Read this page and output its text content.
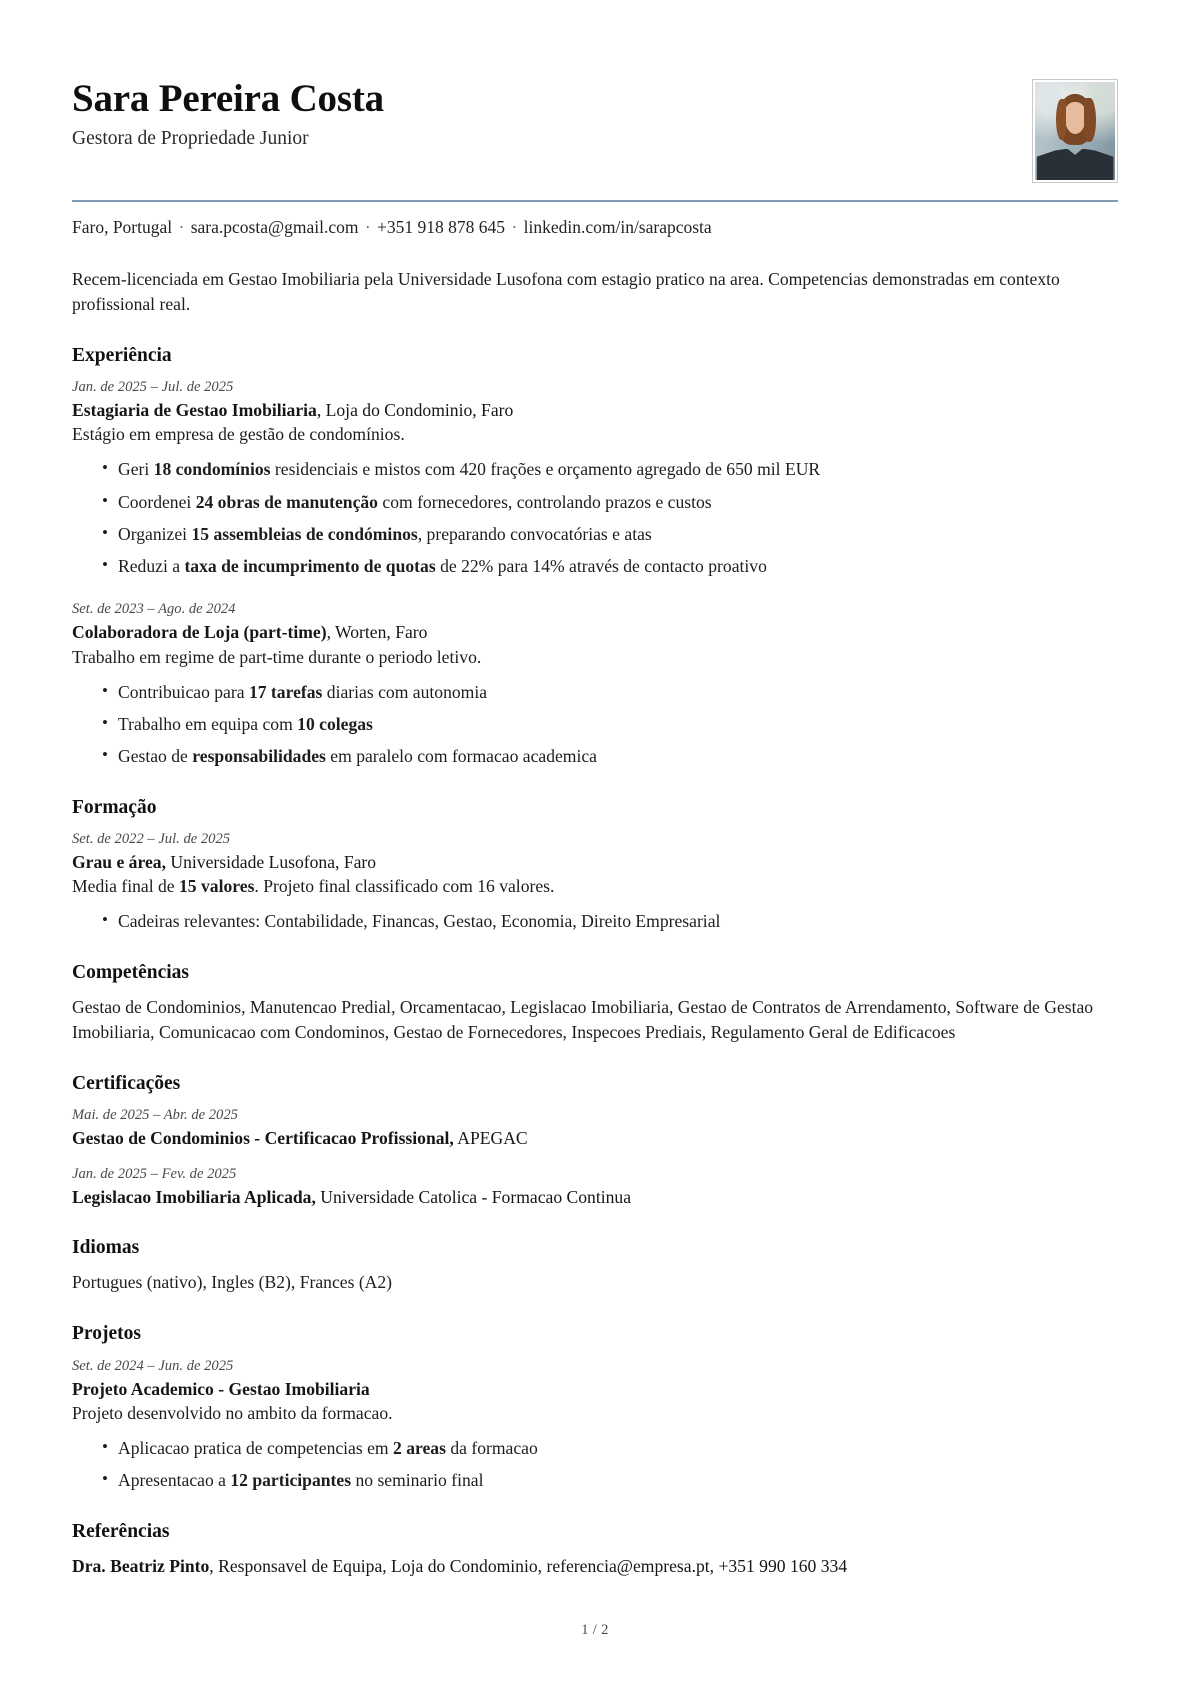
Sara Pereira Costa
Gestora de Propriedade Junior
Faro, Portugal · sara.pcosta@gmail.com · +351 918 878 645 · linkedin.com/in/sarapcosta

Recem-licenciada em Gestao Imobiliaria pela Universidade Lusofona com estagio pratico na area. Competencias demonstradas em contexto profissional real.

Experiência
Jan. de 2025 – Jul. de 2025
Estagiaria de Gestao Imobiliaria, Loja do Condominio, Faro
Estágio em empresa de gestão de condomínios.
• Geri 18 condomínios residenciais e mistos com 420 frações e orçamento agregado de 650 mil EUR
• Coordenei 24 obras de manutenção com fornecedores, controlando prazos e custos
• Organizei 15 assembleias de condóminos, preparando convocatórias e atas
• Reduzi a taxa de incumprimento de quotas de 22% para 14% através de contacto proativo
Set. de 2023 – Ago. de 2024
Colaboradora de Loja (part-time), Worten, Faro
Trabalho em regime de part-time durante o periodo letivo.
• Contribuicao para 17 tarefas diarias com autonomia
• Trabalho em equipa com 10 colegas
• Gestao de responsabilidades em paralelo com formacao academica
Formação
Set. de 2022 – Jul. de 2025
Grau e área, Universidade Lusofona, Faro
Media final de 15 valores. Projeto final classificado com 16 valores.
• Cadeiras relevantes: Contabilidade, Financas, Gestao, Economia, Direito Empresarial
Competências

Gestao de Condominios, Manutencao Predial, Orcamentacao, Legislacao Imobiliaria, Gestao de Contratos de Arrendamento, Software de Gestao Imobiliaria, Comunicacao com Condominos, Gestao de Fornecedores, Inspecoes Prediais, Regulamento Geral de Edificacoes

Certificações
Mai. de 2025 – Abr. de 2025
Gestao de Condominios - Certificacao Profissional, APEGAC
Jan. de 2025 – Fev. de 2025
Legislacao Imobiliaria Aplicada, Universidade Catolica - Formacao Continua
Idiomas

Portugues (nativo), Ingles (B2), Frances (A2)

Projetos
Set. de 2024 – Jun. de 2025
Projeto Academico - Gestao Imobiliaria
Projeto desenvolvido no ambito da formacao.
• Aplicacao pratica de competencias em 2 areas da formacao
• Apresentacao a 12 participantes no seminario final
Referências
Dra. Beatriz Pinto, Responsavel de Equipa, Loja do Condominio, referencia@empresa.pt, +351 990 160 334
1 / 2
